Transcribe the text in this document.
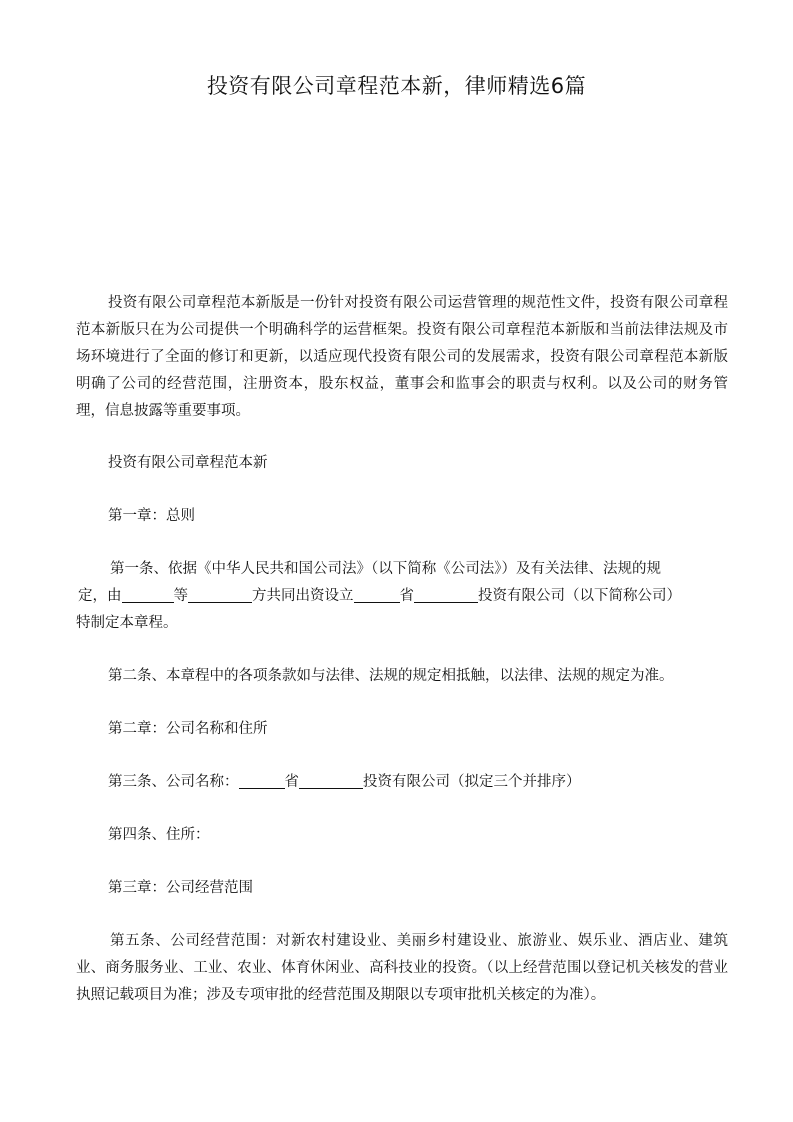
投资有限公司章程范本新，律师精选6篇

投资有限公司章程范本新版是一份针对投资有限公司运营管理的规范性文件，投资有限公司章程范本新版只在为公司提供一个明确科学的运营框架。投资有限公司章程范本新版和当前法律法规及市场环境进行了全面的修订和更新，以适应现代投资有限公司的发展需求，投资有限公司章程范本新版明确了公司的经营范围，注册资本，股东权益，董事会和监事会的职责与权利。以及公司的财务管理，信息披露等重要事项。

投资有限公司章程范本新

第一章：总则

第一条、依据《中华人民共和国公司法》（以下简称《公司法》）及有关法律、法规的规

定，由	等	方共同出资设立	省	投资有限公司（以下简称公司）

特制定本章程。

第二条、本章程中的各项条款如与法律、法规的规定相抵触，以法律、法规的规定为准。

第二章：公司名称和住所

第三条、公司名称：	省	投资有限公司（拟定三个并排序）

第四条、住所：

第三章：公司经营范围

第五条、公司经营范围：对新农村建设业、美丽乡村建设业、旅游业、娱乐业、酒店业、建筑业、商务服务业、工业、农业、体育休闲业、高科技业的投资。（以上经营范围以登记机关核发的营业执照记载项目为准；涉及专项审批的经营范围及期限以专项审批机关核定的为准）。
